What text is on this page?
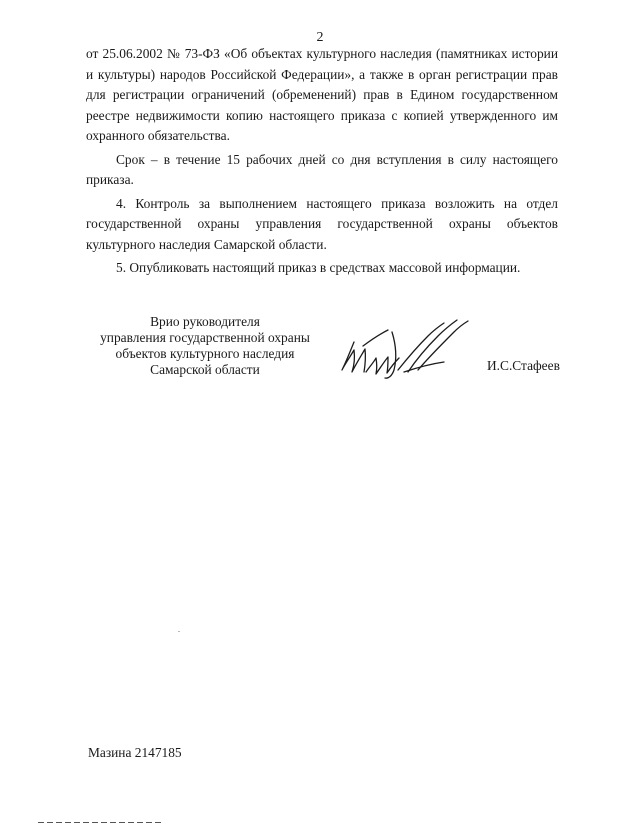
2

от 25.06.2002 № 73-ФЗ «Об объектах культурного наследия (памятниках истории и культуры) народов Российской Федерации», а также в орган регистрации прав для регистрации ограничений (обременений) прав в Едином государственном реестре недвижимости копию настоящего приказа с копией утвержденного им охранного обязательства.

Срок – в течение 15 рабочих дней со дня вступления в силу настоящего приказа.

4. Контроль за выполнением настоящего приказа возложить на отдел государственной охраны управления государственной охраны объектов культурного наследия Самарской области.

5. Опубликовать настоящий приказ в средствах массовой информации.

Врио руководителя
управления государственной охраны
объектов культурного наследия
Самарской области	И.С.Стафеев
Мазина 2147185
